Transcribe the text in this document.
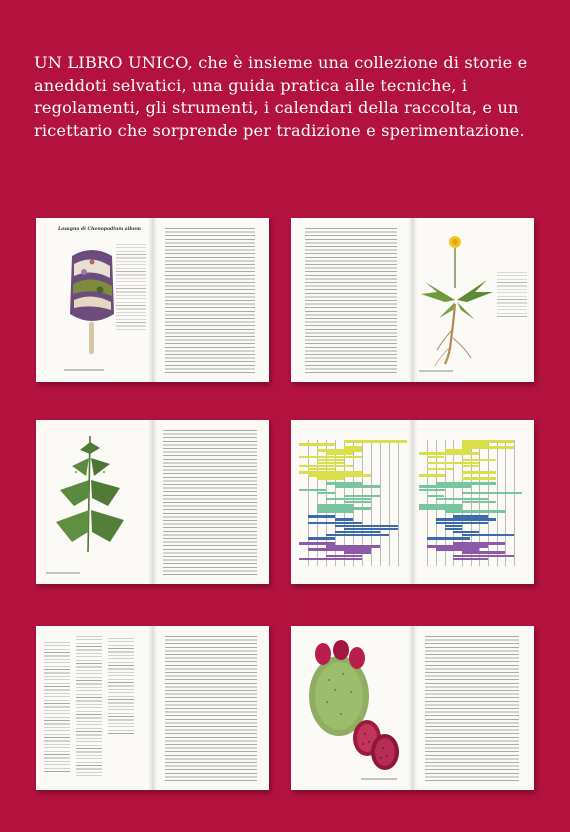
UN LIBRO UNICO, che è insieme una collezione di storie e aneddoti selvatici, una guida pratica alle tecniche, i regolamenti, gli strumenti, i calendari della raccolta, e un ricettario che sorprende per tradizione e sperimentazione.
Lasagna di Chenopodium album
